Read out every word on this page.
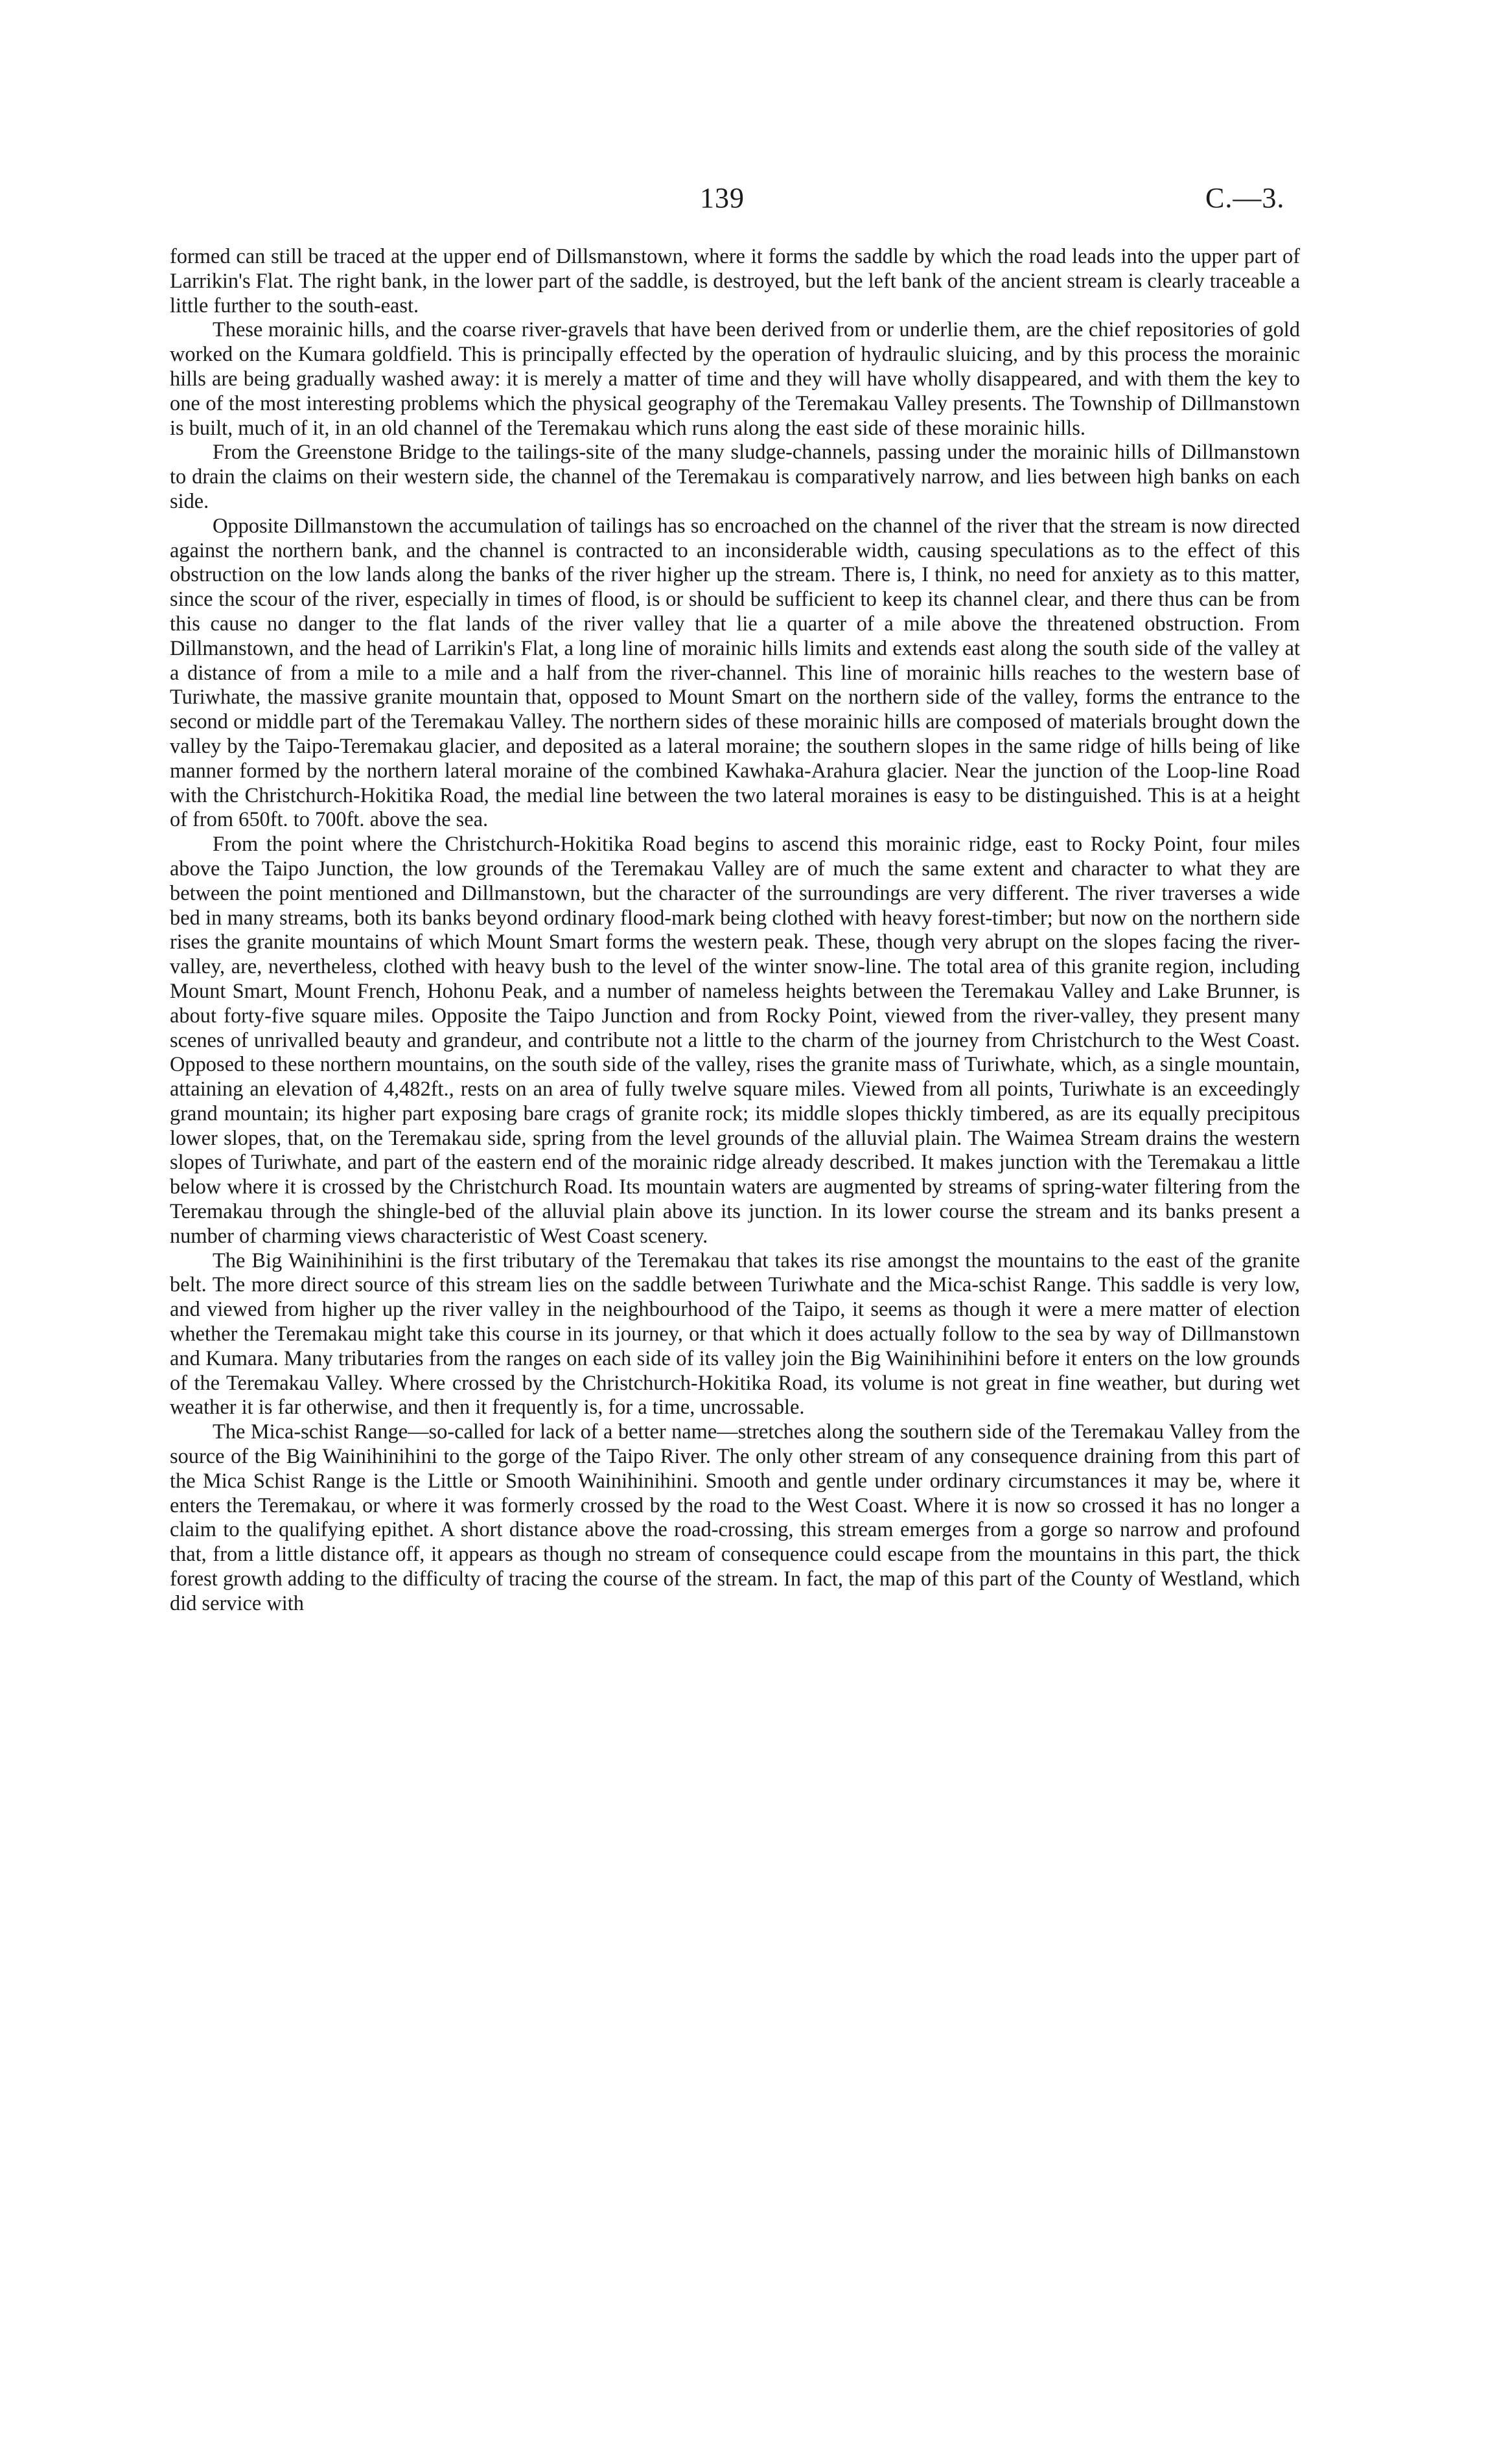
139	C.—3.

formed can still be traced at the upper end of Dillsmanstown, where it forms the saddle by which the road leads into the upper part of Larrikin's Flat. The right bank, in the lower part of the saddle, is destroyed, but the left bank of the ancient stream is clearly traceable a little further to the south-east.

These morainic hills, and the coarse river-gravels that have been derived from or underlie them, are the chief repositories of gold worked on the Kumara goldfield. This is principally effected by the operation of hydraulic sluicing, and by this process the morainic hills are being gradually washed away: it is merely a matter of time and they will have wholly disappeared, and with them the key to one of the most interesting problems which the physical geography of the Teremakau Valley presents. The Township of Dillmanstown is built, much of it, in an old channel of the Teremakau which runs along the east side of these morainic hills.

From the Greenstone Bridge to the tailings-site of the many sludge-channels, passing under the morainic hills of Dillmanstown to drain the claims on their western side, the channel of the Teremakau is comparatively narrow, and lies between high banks on each side.

Opposite Dillmanstown the accumulation of tailings has so encroached on the channel of the river that the stream is now directed against the northern bank, and the channel is contracted to an inconsiderable width, causing speculations as to the effect of this obstruction on the low lands along the banks of the river higher up the stream. There is, I think, no need for anxiety as to this matter, since the scour of the river, especially in times of flood, is or should be sufficient to keep its channel clear, and there thus can be from this cause no danger to the flat lands of the river valley that lie a quarter of a mile above the threatened obstruction. From Dillmanstown, and the head of Larrikin's Flat, a long line of morainic hills limits and extends east along the south side of the valley at a distance of from a mile to a mile and a half from the river-channel. This line of morainic hills reaches to the western base of Turiwhate, the massive granite mountain that, opposed to Mount Smart on the northern side of the valley, forms the entrance to the second or middle part of the Teremakau Valley. The northern sides of these morainic hills are composed of materials brought down the valley by the Taipo-Teremakau glacier, and deposited as a lateral moraine; the southern slopes in the same ridge of hills being of like manner formed by the northern lateral moraine of the combined Kawhaka-Arahura glacier. Near the junction of the Loop-line Road with the Christchurch-Hokitika Road, the medial line between the two lateral moraines is easy to be distinguished. This is at a height of from 650ft. to 700ft. above the sea.

From the point where the Christchurch-Hokitika Road begins to ascend this morainic ridge, east to Rocky Point, four miles above the Taipo Junction, the low grounds of the Teremakau Valley are of much the same extent and character to what they are between the point mentioned and Dillmanstown, but the character of the surroundings are very different. The river traverses a wide bed in many streams, both its banks beyond ordinary flood-mark being clothed with heavy forest-timber; but now on the northern side rises the granite mountains of which Mount Smart forms the western peak. These, though very abrupt on the slopes facing the river-valley, are, nevertheless, clothed with heavy bush to the level of the winter snow-line. The total area of this granite region, including Mount Smart, Mount French, Hohonu Peak, and a number of nameless heights between the Teremakau Valley and Lake Brunner, is about forty-five square miles. Opposite the Taipo Junction and from Rocky Point, viewed from the river-valley, they present many scenes of unrivalled beauty and grandeur, and contribute not a little to the charm of the journey from Christchurch to the West Coast. Opposed to these northern mountains, on the south side of the valley, rises the granite mass of Turiwhate, which, as a single mountain, attaining an elevation of 4,482ft., rests on an area of fully twelve square miles. Viewed from all points, Turiwhate is an exceedingly grand mountain; its higher part exposing bare crags of granite rock; its middle slopes thickly timbered, as are its equally precipitous lower slopes, that, on the Teremakau side, spring from the level grounds of the alluvial plain. The Waimea Stream drains the western slopes of Turiwhate, and part of the eastern end of the morainic ridge already described. It makes junction with the Teremakau a little below where it is crossed by the Christchurch Road. Its mountain waters are augmented by streams of spring-water filtering from the Teremakau through the shingle-bed of the alluvial plain above its junction. In its lower course the stream and its banks present a number of charming views characteristic of West Coast scenery.

The Big Wainihinihini is the first tributary of the Teremakau that takes its rise amongst the mountains to the east of the granite belt. The more direct source of this stream lies on the saddle between Turiwhate and the Mica-schist Range. This saddle is very low, and viewed from higher up the river valley in the neighbourhood of the Taipo, it seems as though it were a mere matter of election whether the Teremakau might take this course in its journey, or that which it does actually follow to the sea by way of Dillmanstown and Kumara. Many tributaries from the ranges on each side of its valley join the Big Wainihinihini before it enters on the low grounds of the Teremakau Valley. Where crossed by the Christchurch-Hokitika Road, its volume is not great in fine weather, but during wet weather it is far otherwise, and then it frequently is, for a time, uncrossable.

The Mica-schist Range—so-called for lack of a better name—stretches along the southern side of the Teremakau Valley from the source of the Big Wainihinihini to the gorge of the Taipo River. The only other stream of any consequence draining from this part of the Mica Schist Range is the Little or Smooth Wainihinihini. Smooth and gentle under ordinary circumstances it may be, where it enters the Teremakau, or where it was formerly crossed by the road to the West Coast. Where it is now so crossed it has no longer a claim to the qualifying epithet. A short distance above the road-crossing, this stream emerges from a gorge so narrow and profound that, from a little distance off, it appears as though no stream of consequence could escape from the mountains in this part, the thick forest growth adding to the difficulty of tracing the course of the stream. In fact, the map of this part of the County of Westland, which did service with
